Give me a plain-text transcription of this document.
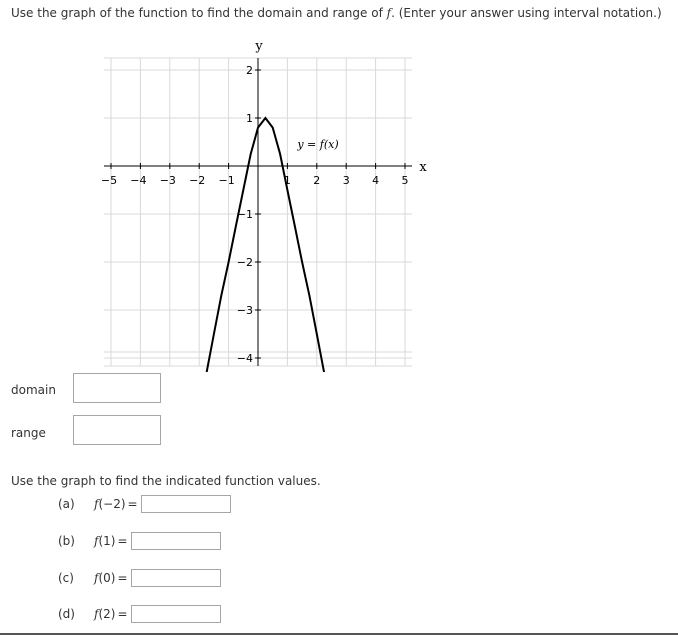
Use the graph of the function to find the domain and range of f. (Enter your answer using interval notation.)

−5 −4 −3 −2 −1	1 2 3 4 5
2
1
−1
−2
−3
−4
y
x
y = f(x)
domain
range

Use the graph to find the indicated function values.

(a)	f (−2) =
(b)	f (1) =
(c)	f (0) =
(d)	f (2) =
